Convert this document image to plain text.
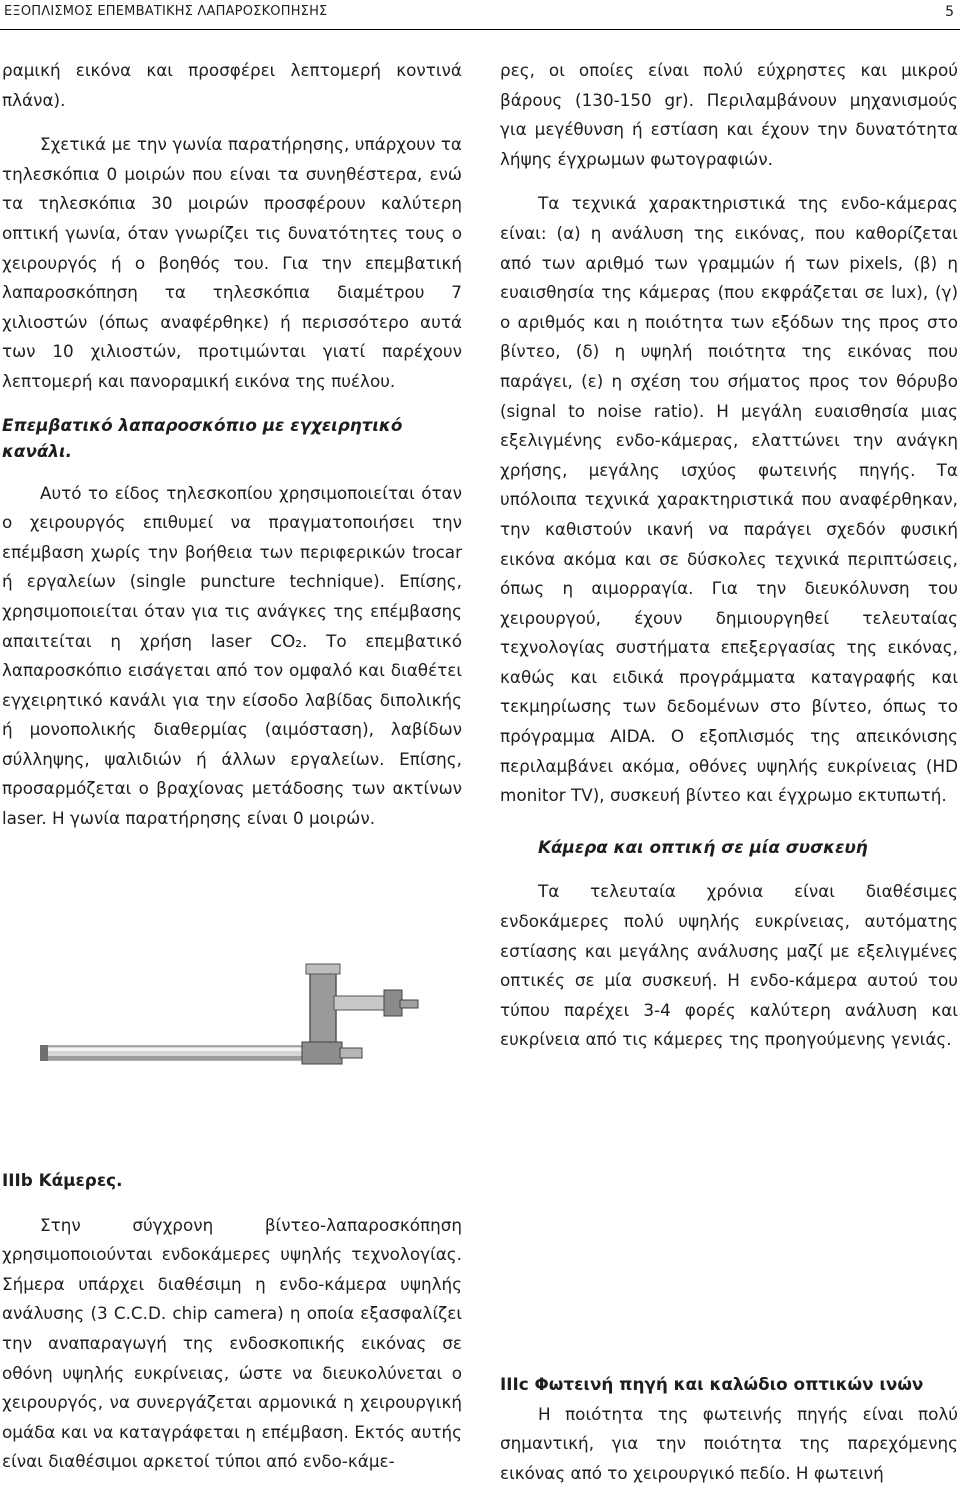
ΕΞΟΠΛΙΣΜΟΣ ΕΠΕΜΒΑΤΙΚΗΣ ΛΑΠΑΡΟΣΚΟΠΗΣΗΣ	5

ραμική εικόνα και προσφέρει λεπτομερή κοντινά πλάνα).

Σχετικά με την γωνία παρατήρησης, υπάρχουν τα τηλεσκόπια 0 μοιρών που είναι τα συνηθέστερα, ενώ τα τηλεσκόπια 30 μοιρών προσφέρουν καλύτερη οπτική γωνία, όταν γνωρίζει τις δυνατότητες τους ο χειρουργός ή ο βοηθός του. Για την επεμβατική λαπαροσκόπηση τα τηλεσκόπια διαμέτρου 7 χιλιοστών (όπως αναφέρθηκε) ή περισσότερο αυτά των 10 χιλιοστών, προτιμώνται γιατί παρέχουν λεπτομερή και πανοραμική εικόνα της πυέλου.

Επεμβατικό λαπαροσκόπιο με εγχειρητικό κανάλι.

Αυτό το είδος τηλεσκοπίου χρησιμοποιείται όταν ο χειρουργός επιθυμεί να πραγματοποιήσει την επέμβαση χωρίς την βοήθεια των περιφερικών trocar ή εργαλείων (single puncture technique). Επίσης, χρησιμοποιείται όταν για τις ανάγκες της επέμβασης απαιτείται η χρήση laser CO₂. Το επεμβατικό λαπαροσκόπιο εισάγεται από τον ομφαλό και διαθέτει εγχειρητικό κανάλι για την είσοδο λαβίδας διπολικής ή μονοπολικής διαθερμίας (αιμόσταση), λαβίδων σύλληψης, ψαλιδιών ή άλλων εργαλείων. Επίσης, προσαρμόζεται ο βραχίονας μετάδοσης των ακτίνων laser. Η γωνία παρατήρησης είναι 0 μοιρών.

ρες, οι οποίες είναι πολύ εύχρηστες και μικρού βάρους (130-150 gr). Περιλαμβάνουν μηχανισμούς για μεγέθυνση ή εστίαση και έχουν την δυνατότητα λήψης έγχρωμων φωτογραφιών.

Τα τεχνικά χαρακτηριστικά της ενδο-κάμερας είναι: (α) η ανάλυση της εικόνας, που καθορίζεται από των αριθμό των γραμμών ή των pixels, (β) η ευαισθησία της κάμερας (που εκφράζεται σε lux), (γ) ο αριθμός και η ποιότητα των εξόδων της προς στο βίντεο, (δ) η υψηλή ποιότητα της εικόνας που παράγει, (ε) η σχέση του σήματος προς τον θόρυβο (signal to noise ratio). Η μεγάλη ευαισθησία μιας εξελιγμένης ενδο-κάμερας, ελαττώνει την ανάγκη χρήσης, μεγάλης ισχύος φωτεινής πηγής. Τα υπόλοιπα τεχνικά χαρακτηριστικά που αναφέρθηκαν, την καθιστούν ικανή να παράγει σχεδόν φυσική εικόνα ακόμα και σε δύσκολες τεχνικά περιπτώσεις, όπως η αιμορραγία. Για την διευκόλυνση του χειρουργού, έχουν δημιουργηθεί τελευταίας τεχνολογίας συστήματα επεξεργασίας της εικόνας, καθώς και ειδικά προγράμματα καταγραφής και τεκμηρίωσης των δεδομένων στο βίντεο, όπως το πρόγραμμα AIDA. Ο εξοπλισμός της απεικόνισης περιλαμβάνει ακόμα, οθόνες υψηλής ευκρίνειας (HD monitor TV), συσκευή βίντεο και έγχρωμο εκτυπωτή.

Κάμερα και οπτική σε μία συσκευή

Τα τελευταία χρόνια είναι διαθέσιμες ενδοκάμερες πολύ υψηλής ευκρίνειας, αυτόματης εστίασης και μεγάλης ανάλυσης μαζί με εξελιγμένες οπτικές σε μία συσκευή. Η ενδο-κάμερα αυτού του τύπου παρέχει 3-4 φορές καλύτερη ανάλυση και ευκρίνεια από τις κάμερες της προηγούμενης γενιάς.

IIIb Κάμερες.

Στην σύγχρονη βίντεο-λαπαροσκόπηση χρησιμοποιούνται ενδοκάμερες υψηλής τεχνολογίας. Σήμερα υπάρχει διαθέσιμη η ενδο-κάμερα υψηλής ανάλυσης (3 C.C.D. chip camera) η οποία εξασφαλίζει την αναπαραγωγή της ενδοσκοπικής εικόνας σε οθόνη υψηλής ευκρίνειας, ώστε να διευκολύνεται ο χειρουργός, να συνεργάζεται αρμονικά η χειρουργική ομάδα και να καταγράφεται η επέμβαση. Εκτός αυτής είναι διαθέσιμοι αρκετοί τύποι από ενδο-κάμε-

IIIc Φωτεινή πηγή και καλώδιο οπτικών ινών

Η ποιότητα της φωτεινής πηγής είναι πολύ σημαντική, για την ποιότητα της παρεχόμενης εικόνας από το χειρουργικό πεδίο. Η φωτεινή
